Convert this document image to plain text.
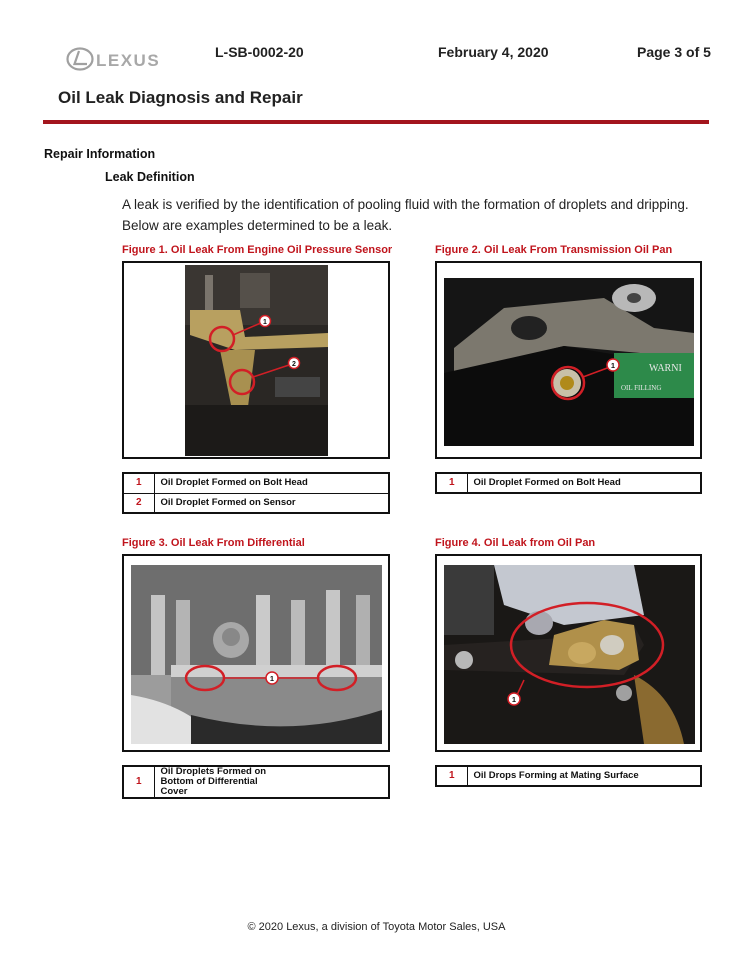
LEXUS	L-SB-0002-20	February 4, 2020	Page 3 of 5
Oil Leak Diagnosis and Repair
Repair Information
Leak Definition
A leak is verified by the identification of pooling fluid with the formation of droplets and dripping. Below are examples determined to be a leak.
Figure 1. Oil Leak From Engine Oil Pressure Sensor
1
2
1	Oil Droplet Formed on Bolt Head
2	Oil Droplet Formed on Sensor
Figure 2. Oil Leak From Transmission Oil Pan
WARNI
OIL FILLING
1
1	Oil Droplet Formed on Bolt Head
Figure 3. Oil Leak From Differential
1
1	Oil Droplets Formed on Bottom of Differential Cover
Figure 4. Oil Leak from Oil Pan
1
1	Oil Drops Forming at Mating Surface
© 2020 Lexus, a division of Toyota Motor Sales, USA
